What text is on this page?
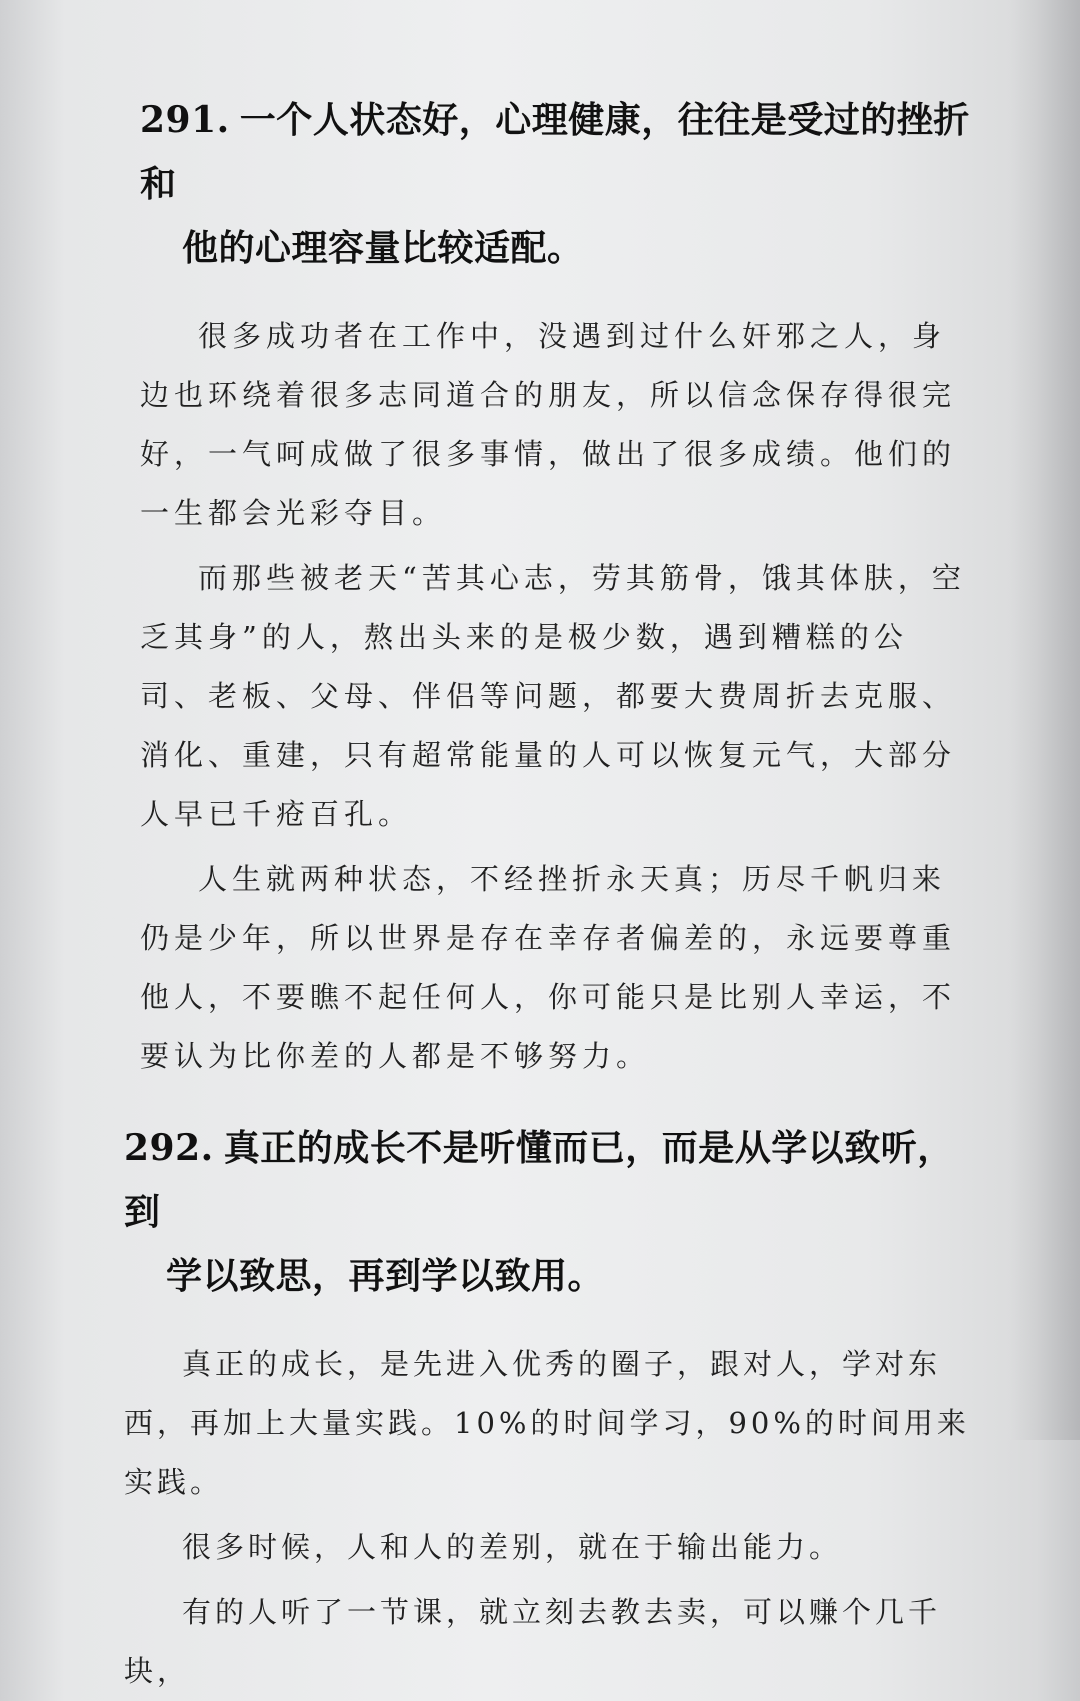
291. 一个人状态好，心理健康，往往是受过的挫折和
他的心理容量比较适配。

很多成功者在工作中，没遇到过什么奸邪之人，身边也环绕着很多志同道合的朋友，所以信念保存得很完好，一气呵成做了很多事情，做出了很多成绩。他们的一生都会光彩夺目。

而那些被老天“苦其心志，劳其筋骨，饿其体肤，空乏其身”的人，熬出头来的是极少数，遇到糟糕的公司、老板、父母、伴侣等问题，都要大费周折去克服、消化、重建，只有超常能量的人可以恢复元气，大部分人早已千疮百孔。

人生就两种状态，不经挫折永天真；历尽千帆归来仍是少年，所以世界是存在幸存者偏差的，永远要尊重他人，不要瞧不起任何人，你可能只是比别人幸运，不要认为比你差的人都是不够努力。

292. 真正的成长不是听懂而已，而是从学以致听，到
学以致思，再到学以致用。

真正的成长，是先进入优秀的圈子，跟对人，学对东西，再加上大量实践。10%的时间学习，90%的时间用来实践。

很多时候，人和人的差别，就在于输出能力。

有的人听了一节课，就立刻去教去卖，可以赚个几千块，
